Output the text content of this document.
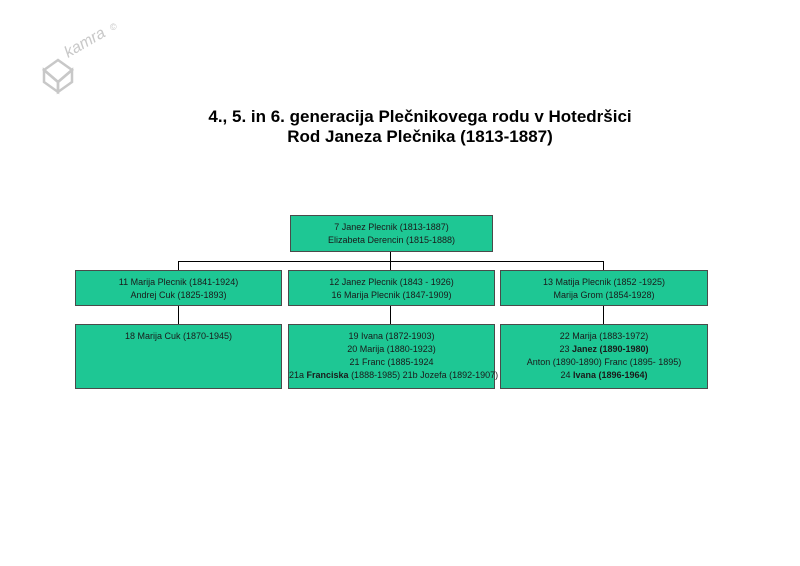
kamra ©
4., 5. in 6. generacija Plečnikovega rodu v Hotedršici
Rod Janeza Plečnika (1813-1887)
7 Janez Plecnik (1813-1887)
Elizabeta Derencin (1815-1888)
11 Marija Plecnik (1841-1924)
Andrej Cuk (1825-1893)
12 Janez Plecnik (1843 - 1926)
16 Marija Plecnik (1847-1909)
13 Matija Plecnik (1852 -1925)
Marija Grom (1854-1928)
18 Marija Cuk (1870-1945)	19 Ivana (1872-1903)
20 Marija (1880-1923)
21 Franc (1885-1924
21a Franciska (1888-1985) 21b Jozefa (1892-1907)
22 Marija (1883-1972)
23 Janez (1890-1980)
Anton (1890-1890) Franc (1895- 1895)
24 Ivana (1896-1964)
